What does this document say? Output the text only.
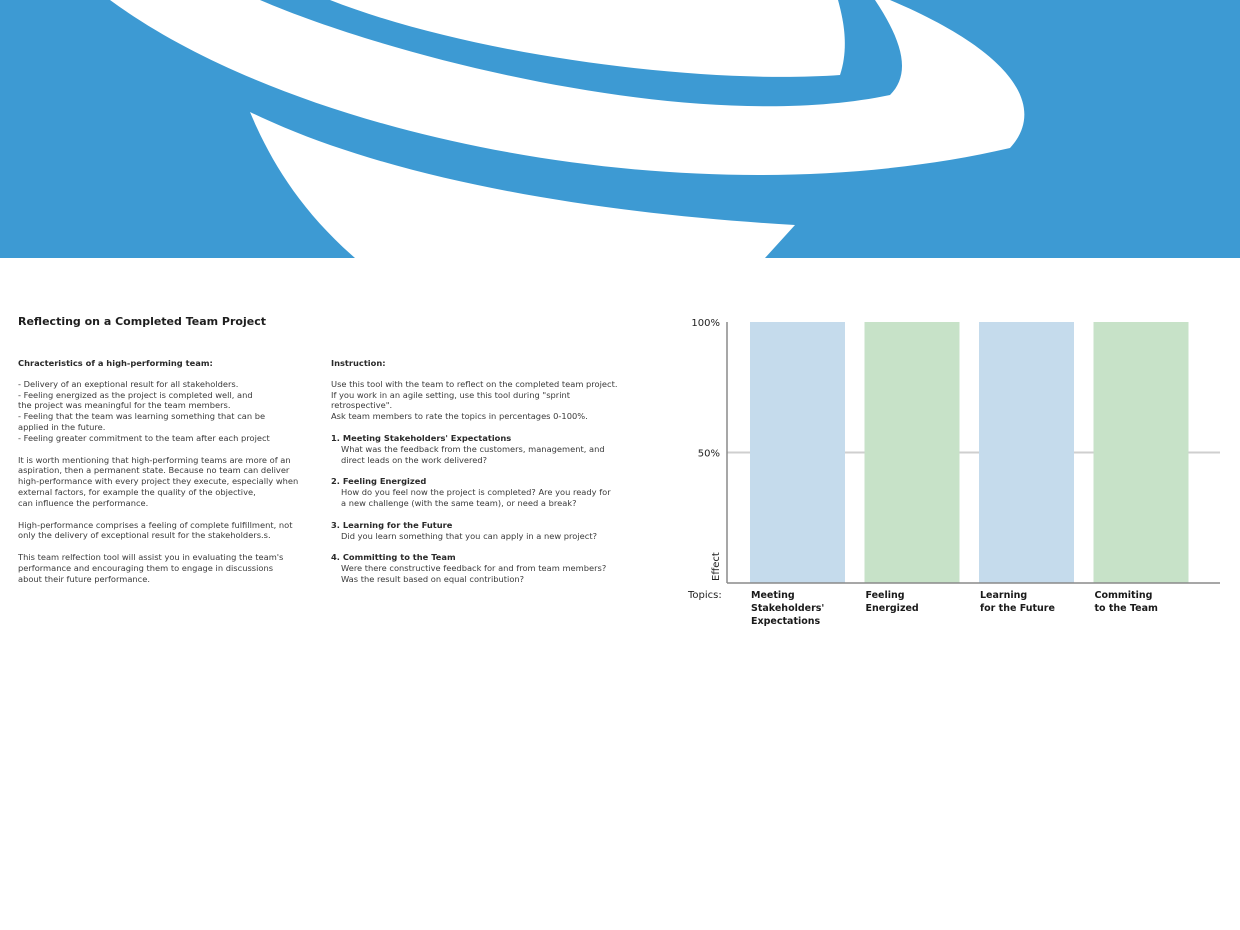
Reflecting on a Completed Team Project
Chracteristics of a high-performing team:
- Delivery of an exeptional result for all stakeholders.
- Feeling energized as the project is completed well, and
the project was meaningful for the team members.
- Feeling that the team was learning something that can be
applied in the future.
- Feeling greater commitment to the team after each project

It is worth mentioning that high-performing teams are more of an
aspiration, then a permanent state. Because no team can deliver
high-performance with every project they execute, especially when
external factors, for example the quality of the objective,
can influence the performance.

High-performance comprises a feeling of complete fulfillment, not
only the delivery of exceptional result for the stakeholders.s.

This team relfection tool will assist you in evaluating the team's
performance and encouraging them to engage in discussions
about their future performance.

Instruction:

Use this tool with the team to reflect on the completed team project.
If you work in an agile setting, use this tool during "sprint retrospective".
Ask team members to rate the topics in percentages 0-100%.

1. Meeting Stakeholders' Expectations
What was the feedback from the customers, management, and
direct leads on the work delivered?
2. Feeling Energized
How do you feel now the project is completed? Are you ready for
a new challenge (with the same team), or need a break?
3. Learning for the Future
Did you learn something that you can apply in a new project?
4. Committing to the Team
Were there constructive feedback for and from team members?
Was the result based on equal contribution?
Meeting Stakeholders' Expectations
Feeling Energized
Learning for the Future
Commiting to the Team
100%
50%
Effect
Topics:
